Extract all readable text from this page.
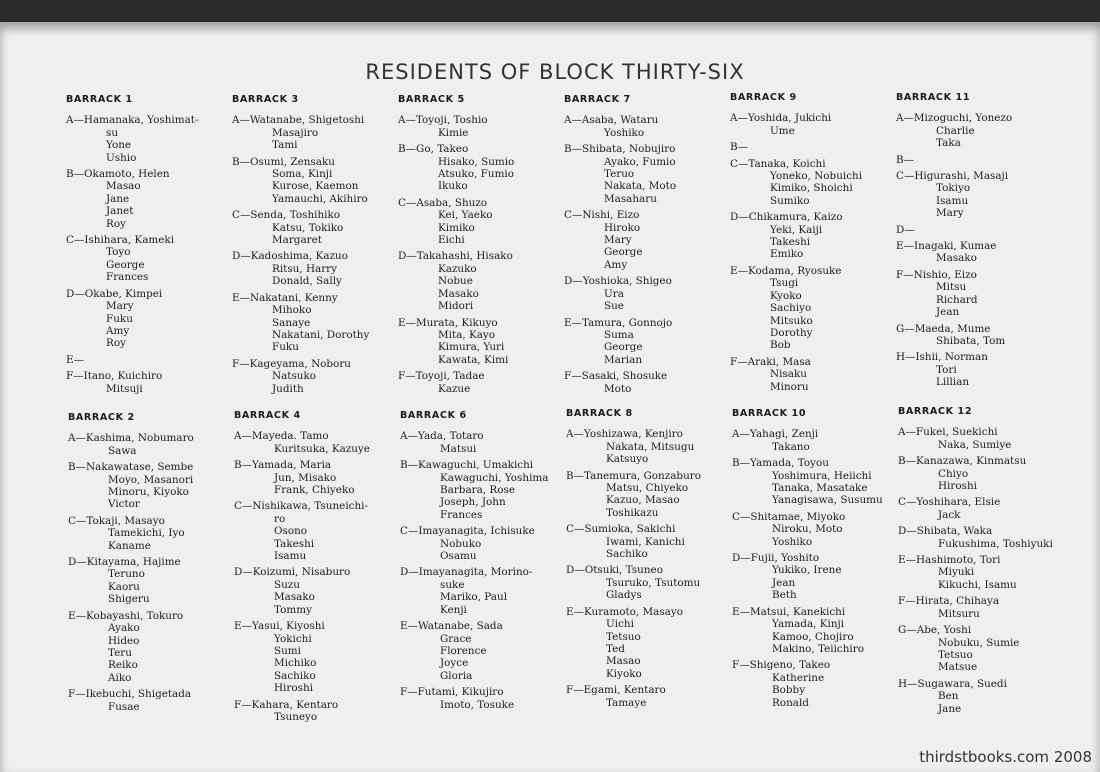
RESIDENTS OF BLOCK THIRTY-SIX
BARRACK 1
A—Hamanaka, Yoshimat-
su
Yone
Ushio
B—Okamoto, Helen
Masao
Jane
Janet
Roy
C—Ishihara, Kameki
Toyo
George
Frances
D—Okabe, Kimpei
Mary
Fuku
Amy
Roy
E—
F—Itano, Kuichiro
Mitsuji
BARRACK 3
A—Watanabe, Shigetoshi
Masajiro
Tami
B—Osumi, Zensaku
Soma, Kinji
Kurose, Kaemon
Yamauchi, Akihiro
C—Senda, Toshihiko
Katsu, Tokiko
Margaret
D—Kadoshima, Kazuo
Ritsu, Harry
Donald, Sally
E—Nakatani, Kenny
Mihoko
Sanaye
Nakatani, Dorothy
Fuku
F—Kageyama, Noboru
Natsuko
Judith
BARRACK 5
A—Toyoji, Toshio
Kimie
B—Go, Takeo
Hisako, Sumio
Atsuko, Fumio
Ikuko
C—Asaba, Shuzo
Kei, Yaeko
Kimiko
Eichi
D—Takahashi, Hisako
Kazuko
Nobue
Masako
Midori
E—Murata, Kikuyo
Mita, Kayo
Kimura, Yuri
Kawata, Kimi
F—Toyoji, Tadae
Kazue
BARRACK 7
A—Asaba, Wataru
Yoshiko
B—Shibata, Nobujiro
Ayako, Fumio
Teruo
Nakata, Moto
Masaharu
C—Nishi, Eizo
Hiroko
Mary
George
Amy
D—Yoshioka, Shigeo
Ura
Sue
E—Tamura, Gonnojo
Suma
George
Marian
F—Sasaki, Shosuke
Moto
BARRACK 9
A—Yoshida, Jukichi
Ume
B—
C—Tanaka, Koichi
Yoneko, Nobuichi
Kimiko, Shoichi
Sumiko
D—Chikamura, Kaizo
Yeki, Kaiji
Takeshi
Emiko
E—Kodama, Ryosuke
Tsugi
Kyoko
Sachiyo
Mitsuko
Dorothy
Bob
F—Araki, Masa
Nisaku
Minoru
BARRACK 11
A—Mizoguchi, Yonezo
Charlie
Taka
B—
C—Higurashi, Masaji
Tokiyo
Isamu
Mary
D—
E—Inagaki, Kumae
Masako
F—Nishio, Eizo
Mitsu
Richard
Jean
G—Maeda, Mume
Shibata, Tom
H—Ishii, Norman
Tori
Lillian
BARRACK 2
A—Kashima, Nobumaro
Sawa
B—Nakawatase, Sembe
Moyo, Masanori
Minoru, Kiyoko
Victor
C—Tokaji, Masayo
Tamekichi, Iyo
Kaname
D—Kitayama, Hajime
Teruno
Kaoru
Shigeru
E—Kobayashi, Tokuro
Ayako
Hideo
Teru
Reiko
Aiko
F—Ikebuchi, Shigetada
Fusae
BARRACK 4
A—Mayeda. Tamo
Kuritsuka, Kazuye
B—Yamada, Maria
Jun, Misako
Frank, Chiyeko
C—Nishikawa, Tsuneichi-
ro
Osono
Takeshi
Isamu
D—Koizumi, Nisaburo
Suzu
Masako
Tommy
E—Yasui, Kiyoshi
Yokichi
Sumi
Michiko
Sachiko
Hiroshi
F—Kahara, Kentaro
Tsuneyo
BARRACK 6
A—Yada, Totaro
Matsui
B—Kawaguchi, Umakichi
Kawaguchi, Yoshima
Barbara, Rose
Joseph, John
Frances
C—Imayanagita, Ichisuke
Nobuko
Osamu
D—Imayanagita, Morino-
suke
Mariko, Paul
Kenji
E—Watanabe, Sada
Grace
Florence
Joyce
Gloria
F—Futami, Kikujiro
Imoto, Tosuke
BARRACK 8
A—Yoshizawa, Kenjiro
Nakata, Mitsugu
Katsuyo
B—Tanemura, Gonzaburo
Matsu, Chiyeko
Kazuo, Masao
Toshikazu
C—Sumioka, Sakichi
Iwami, Kanichi
Sachiko
D—Otsuki, Tsuneo
Tsuruko, Tsutomu
Gladys
E—Kuramoto, Masayo
Uichi
Tetsuo
Ted
Masao
Kiyoko
F—Egami, Kentaro
Tamaye
BARRACK 10
A—Yahagi, Zenji
Takano
B—Yamada, Toyou
Yoshimura, Heiichi
Tanaka, Masatake
Yanagisawa, Susumu
C—Shitamae, Miyoko
Niroku, Moto
Yoshiko
D—Fujii, Yoshito
Yukiko, Irene
Jean
Beth
E—Matsui, Kanekichi
Yamada, Kinji
Kamoo, Chojiro
Makino, Teiichiro
F—Shigeno, Takeo
Katherine
Bobby
Ronald
BARRACK 12
A—Fukei, Suekichi
Naka, Sumiye
B—Kanazawa, Kinmatsu
Chiyo
Hiroshi
C—Yoshihara, Elsie
Jack
D—Shibata, Waka
Fukushima, Toshiyuki
E—Hashimoto, Tori
Miyuki
Kikuchi, Isamu
F—Hirata, Chihaya
Mitsuru
G—Abe, Yoshi
Nobuku, Sumie
Tetsuo
Matsue
H—Sugawara, Suedi
Ben
Jane
thirdstbooks.com 2008
